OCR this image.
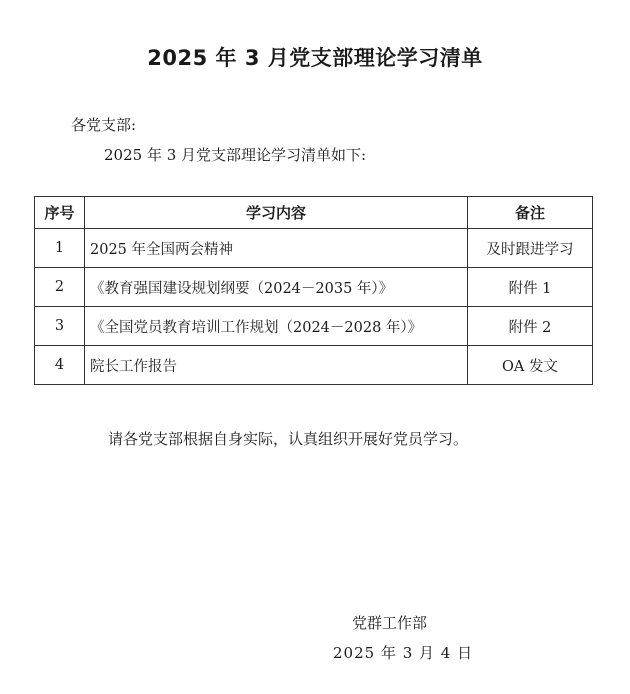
2025 年 3 月党支部理论学习清单
各党支部:
2025 年 3 月党支部理论学习清单如下:
序号	学习内容	备注
1	2025 年全国两会精神	及时跟进学习
2	《教育强国建设规划纲要（2024－2035 年）》	附件 1
3	《全国党员教育培训工作规划（2024－2028 年）》	附件 2
4	院长工作报告	OA 发文
请各党支部根据自身实际，认真组织开展好党员学习。
党群工作部
2025 年 3 月 4 日
